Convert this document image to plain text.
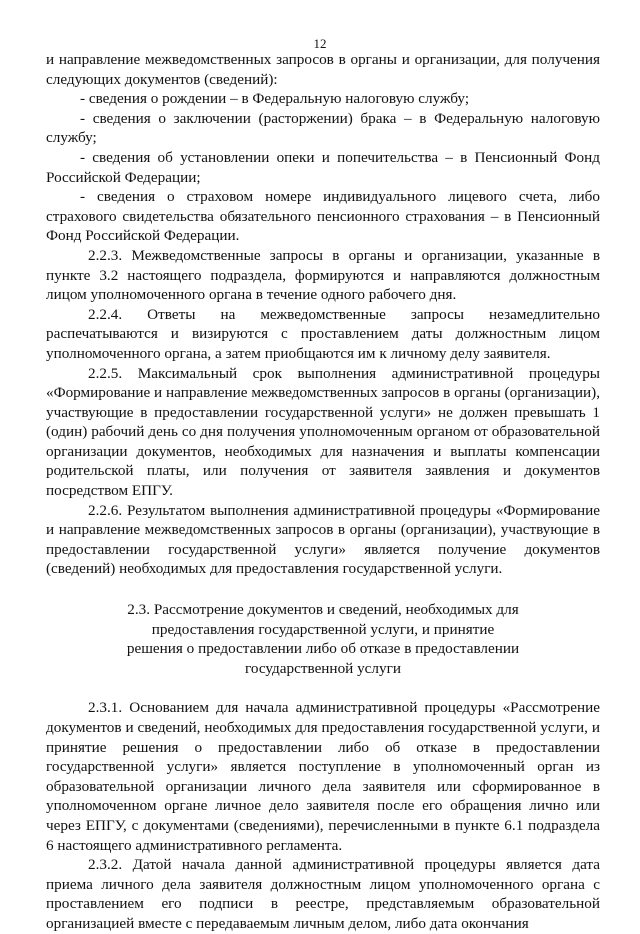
12

и направление межведомственных запросов в органы и организации, для получения следующих документов (сведений):

- сведения о рождении – в Федеральную налоговую службу;

- сведения о заключении (расторжении) брака – в Федеральную налоговую службу;

- сведения об установлении опеки и попечительства – в Пенсионный Фонд Российской Федерации;

- сведения о страховом номере индивидуального лицевого счета, либо страхового свидетельства обязательного пенсионного страхования – в Пенсионный Фонд Российской Федерации.

2.2.3. Межведомственные запросы в органы и организации, указанные в пункте 3.2 настоящего подраздела, формируются и направляются должностным лицом уполномоченного органа в течение одного рабочего дня.

2.2.4. Ответы на межведомственные запросы незамедлительно распечатываются и визируются с проставлением даты должностным лицом уполномоченного органа, а затем приобщаются им к личному делу заявителя.

2.2.5. Максимальный срок выполнения административной процедуры «Формирование и направление межведомственных запросов в органы (организации), участвующие в предоставлении государственной услуги» не должен превышать 1 (один) рабочий день со дня получения уполномоченным органом от образовательной организации документов, необходимых для назначения и выплаты компенсации родительской платы, или получения от заявителя заявления и документов посредством ЕПГУ.

2.2.6. Результатом выполнения административной процедуры «Формирование и направление межведомственных запросов в органы (организации), участвующие в предоставлении государственной услуги» является получение документов (сведений) необходимых для предоставления государственной услуги.

2.3. Рассмотрение документов и сведений, необходимых для
предоставления государственной услуги, и принятие
решения о предоставлении либо об отказе в предоставлении
государственной услуги

2.3.1. Основанием для начала административной процедуры «Рассмотрение документов и сведений, необходимых для предоставления государственной услуги, и принятие решения о предоставлении либо об отказе в предоставлении государственной услуги» является поступление в уполномоченный орган из образовательной организации личного дела заявителя или сформированное в уполномоченном органе личное дело заявителя после его обращения лично или через ЕПГУ, с документами (сведениями), перечисленными в пункте 6.1 подраздела 6 настоящего административного регламента.

2.3.2. Датой начала данной административной процедуры является дата приема личного дела заявителя должностным лицом уполномоченного органа с проставлением его подписи в реестре, представляемым образовательной организацией вместе с передаваемым личным делом, либо дата окончания
